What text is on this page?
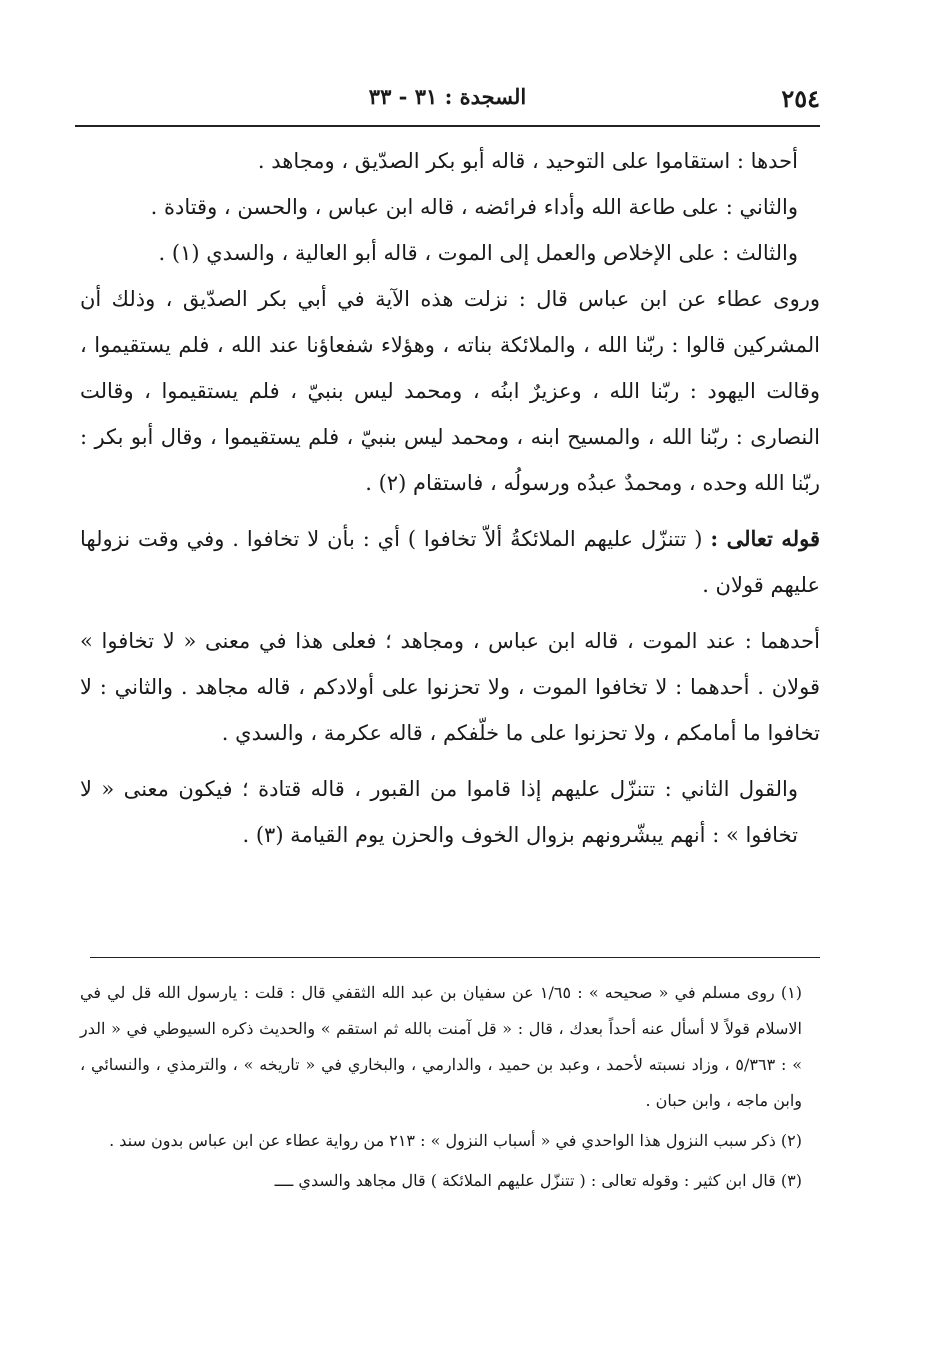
٢٥٤
السجدة : ٣١ - ٣٣

أحدها : استقاموا على التوحيد ، قاله أبو بكر الصدّيق ، ومجاهد .

والثاني : على طاعة الله وأداء فرائضه ، قاله ابن عباس ، والحسن ، وقتادة .

والثالث : على الإخلاص والعمل إلى الموت ، قاله أبو العالية ، والسدي (١) .

وروى عطاء عن ابن عباس قال : نزلت هذه الآية في أبي بكر الصدّيق ، وذلك أن المشركين قالوا : ربّنا الله ، والملائكة بناته ، وهؤلاء شفعاؤنا عند الله ، فلم يستقيموا ، وقالت اليهود : ربّنا الله ، وعزيرٌ ابنُه ، ومحمد ليس بنبيّ ، فلم يستقيموا ، وقالت النصارى : ربّنا الله ، والمسيح ابنه ، ومحمد ليس بنبيّ ، فلم يستقيموا ، وقال أبو بكر : ربّنا الله وحده ، ومحمدٌ عبدُه ورسولُه ، فاستقام (٢) .

قوله تعالى : ( تتنزّل عليهم الملائكةُ ألاّ تخافوا ) أي : بأن لا تخافوا . وفي وقت نزولها عليهم قولان .

أحدهما : عند الموت ، قاله ابن عباس ، ومجاهد ؛ فعلى هذا في معنى « لا تخافوا » قولان . أحدهما : لا تخافوا الموت ، ولا تحزنوا على أولادكم ، قاله مجاهد . والثاني : لا تخافوا ما أمامكم ، ولا تحزنوا على ما خلّفكم ، قاله عكرمة ، والسدي .

والقول الثاني : تتنزّل عليهم إذا قاموا من القبور ، قاله قتادة ؛ فيكون معنى « لا تخافوا » : أنهم يبشّرونهم بزوال الخوف والحزن يوم القيامة (٣) .

(١) روى مسلم في « صحيحه » : ١/٦٥ عن سفيان بن عبد الله الثقفي قال : قلت : يارسول الله قل لي في الاسلام قولاً لا أسأل عنه أحداً بعدك ، قال : « قل آمنت بالله ثم استقم » والحديث ذكره السيوطي في « الدر » : ٥/٣٦٣ ، وزاد نسبته لأحمد ، وعبد بن حميد ، والدارمي ، والبخاري في « تاريخه » ، والترمذي ، والنسائي ، وابن ماجه ، وابن حبان .

(٢) ذكر سبب النزول هذا الواحدي في « أسباب النزول » : ٢١٣ من رواية عطاء عن ابن عباس بدون سند .

(٣) قال ابن كثير : وقوله تعالى : ( تتنزّل عليهم الملائكة ) قال مجاهد والسدي ــــ
